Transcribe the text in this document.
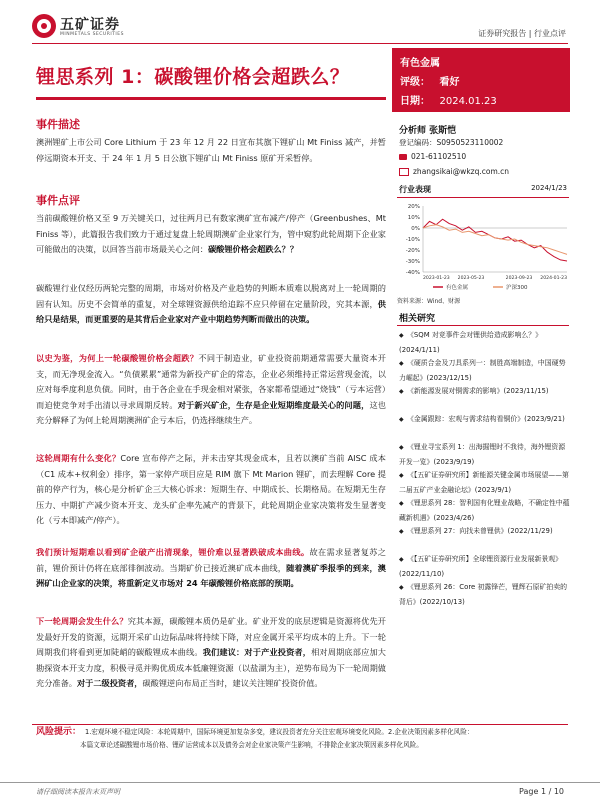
五矿证券
MINMETALS SECURITIES	证券研究报告 | 行业点评
锂思系列 1：碳酸锂价格会超跌么？
有色金属
评级： 看好
日期： 2024.01.23
分析师 张斯恺
登记编码：S0950523110002
021-61102510
zhangsikai@wkzq.com.cn
行业表现	2024/1/23
20%
10%
0%
-10%
-20%
-30%
-40%
2023-01-23 2023-05-23	2023-09-23 2024-01-23
有色金属	沪深300
资料来源：Wind、财源
相关研究
◆ 《SQM 对竞事件会对锂供给造成影响么？》(2024/1/11)
◆ 《硬质合金及刀具系列一：制胜高端制造，中国硬势力崛起》(2023/12/15)
◆ 《新能源发展对铜需求的影响》(2023/11/15)
◆ 《金属跟踪：宏观与需求结构看铜价》(2023/9/21)
◆ 《锂业寻宝系列 1：出海掘锂时不我待，海外锂资源开发一览》(2023/9/19)
◆ 《【五矿证券研究所】新能源关键金属市场展望——第二届五矿产业金融论坛》(2023/9/1)
◆ 《锂思系列 28：智利国有化锂业战略，不确定性中蕴藏新机遇》(2023/4/26)
◆ 《锂思系列 27：向找未曾锂供》(2022/11/29)
◆ 《【五矿证券研究所】全球锂资源行业发展新景观》(2022/11/10)
◆ 《锂思系列 26：Core 初露锋芒，锂辉石原矿拍卖的背后》(2022/10/13)
事件描述
澳洲锂矿上市公司 Core Lithium 于 23 年 12 月 22 日宣布其旗下锂矿山 Mt Finiss 减产，并暂停远期资本开支、于 24 年 1 月 5 日公旗下锂矿山 Mt Finiss 原矿开采暂停。
事件点评
当前碳酸锂价格又至 9 万关键关口，过往两月已有数家澳矿宣布减产/停产（Greenbushes、Mt Finiss 等），此篇报告我们致力于通过复盘上轮周期澳矿企业家行为，管中窥豹此轮周期下企业家可能做出的决策，以回答当前市场最关心之问：碳酸锂价格会超跌么？？
碳酸锂行业仅经历两轮完整的周期，市场对价格及产业趋势的判断本质难以脱离对上一轮周期的固有认知。历史不会简单的重复，对全球锂资源供给追踪不应只停留在定量阶段，究其本源，供给只是结果，而更重要的是其背后企业家对产业中期趋势判断而做出的决策。
以史为鉴，为何上一轮碳酸锂价格会超跌？不同于制造业，矿业投资前期通常需要大量资本开支，而无净现金流入。“负债累累”通常为新投产矿企的常态，企业必须维持正常运营现金流，以应对每季度利息负债。同时，由于各企业在手现金相对紧张，各家都希望通过“烧钱”（亏本运营）而迫使竞争对手出清以寻求周期反转。对于新兴矿企，生存是企业短期维度最关心的问题，这也充分解释了为何上轮周期澳洲矿企亏本后，仍选择继续生产。
这轮周期有什么变化？Core 宣布停产之际，并未击穿其现金成本，且若以澳矿当前 AISC 成本（C1 成本+权利金）排序，第一家停产项目应是 RIM 旗下 Mt Marion 锂矿，而去理解 Core 提前的停产行为，核心是分析矿企三大核心诉求：短期生存、中期成长、长期格局。在短期无生存压力、中期扩产减少资本开支、龙头矿企率先减产的背景下，此轮周期企业家决策将发生显著变化（亏本即减产/停产）。
我们预计短期难以看到矿企破产出清现象，锂价难以显著跌破成本曲线。故在需求显著复苏之前，锂价预计仍将在底部徘徊波动。当期矿价已接近澳矿成本曲线，随着澳矿季报季的到来，澳洲矿山企业家的决策，将重新定义市场对 24 年碳酸锂价格底部的预期。
下一轮周期会发生什么？究其本源，碳酸锂本质仍是矿业。矿业开发的底层逻辑是资源将优先开发最好开发的资源，远期开采矿山边际品味将持续下降，对应金属开采平均成本的上升。下一轮周期我们将看到更加陡峭的碳酸锂成本曲线。我们建议：对于产业投资者，相对周期底部应加大勘探资本开支力度，积极寻觅并购优质成本低廉锂资源（以盐湖为主），逆势布局为下一轮周期做充分准备。对于二级投资者，碳酸锂逆向布局正当时，建议关注锂矿投资价值。
风险提示： 1.宏观环境不稳定风险：本轮周期中，国际环境更加复杂多变，建议投资者充分关注宏观环境变化风险。2.企业决策因素多样化风险：
本篇文章论述碳酸锂市场价格、锂矿运营成本以及债务会对企业家决策产生影响，不排除企业家决策因素多样化风险。
请仔细阅读本报告末页声明	Page 1 / 10
